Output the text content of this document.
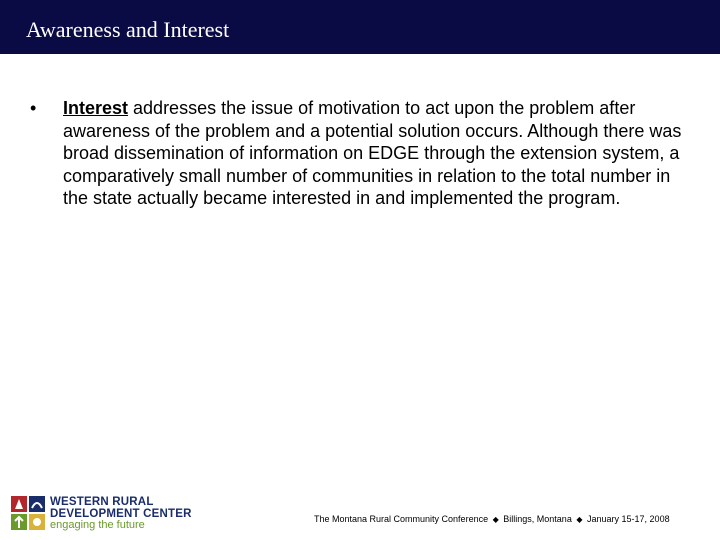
Awareness and Interest
• Interest addresses the issue of motivation to act upon the problem after awareness of the problem and a potential solution occurs. Although there was broad dissemination of information on EDGE through the extension system, a comparatively small number of communities in relation to the total number in the state actually became interested in and implemented the program.
WESTERN RURAL
DEVELOPMENT CENTER
engaging the future	The Montana Rural Community Conference ◆ Billings, Montana ◆ January 15-17, 2008
